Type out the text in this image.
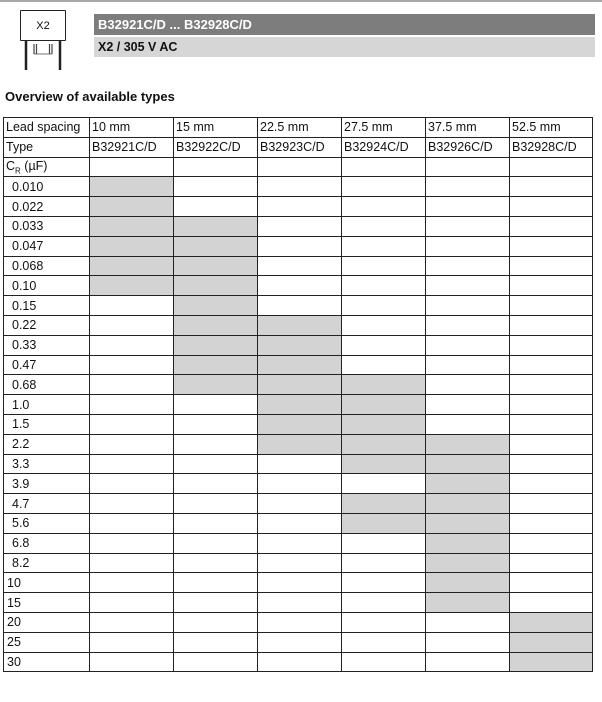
X2	B32921C/D ... B32928C/D
X2 / 305 V AC
Overview of available types
Lead spacing	10 mm	15 mm	22.5 mm	27.5 mm	37.5 mm	52.5 mm
Type	B32921C/D	B32922C/D	B32923C/D	B32924C/D	B32926C/D	B32928C/D
$C_R$ (µF)						
0.010						
0.022						
0.033						
0.047						
0.068						
0.10						
0.15						
0.22						
0.33						
0.47						
0.68						
1.0						
1.5						
2.2						
3.3						
3.9						
4.7						
5.6						
6.8						
8.2						
10						
15						
20						
25						
30						
